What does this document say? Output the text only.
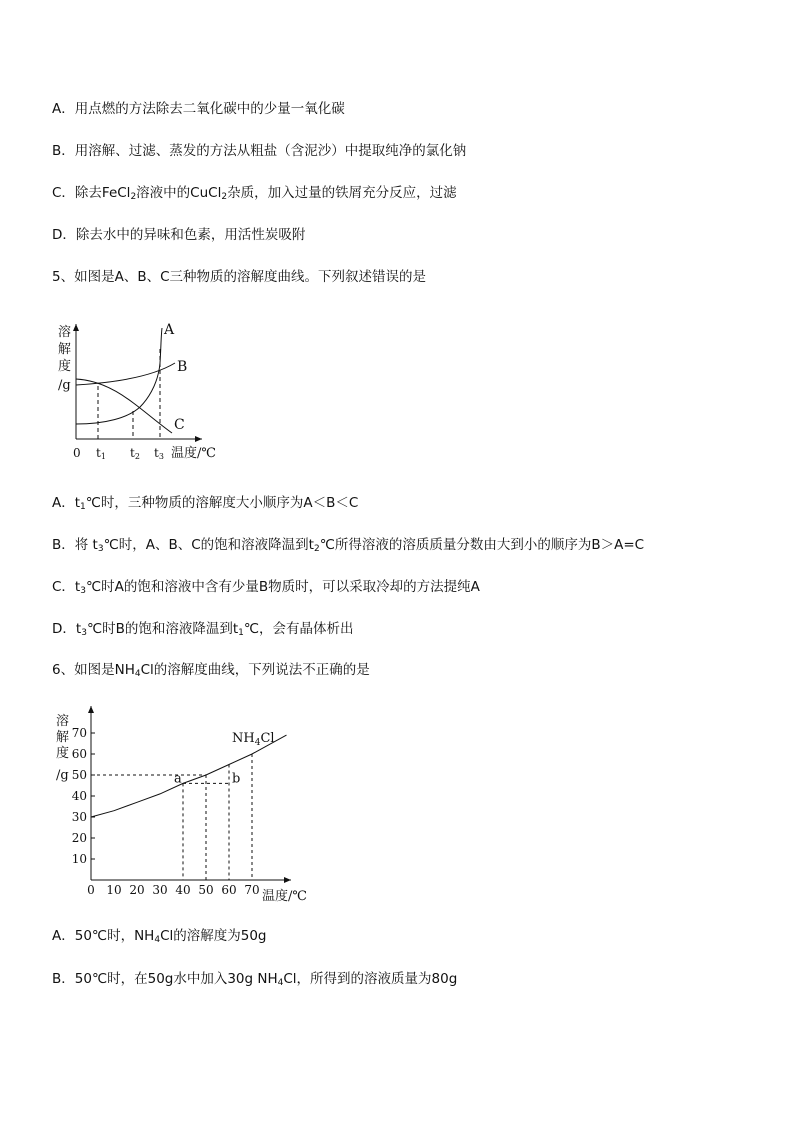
A．用点燃的方法除去二氧化碳中的少量一氧化碳
B．用溶解、过滤、蒸发的方法从粗盐（含泥沙）中提取纯净的氯化钠
C．除去FeCl$_2$溶液中的CuCl$_2$杂质，加入过量的铁屑充分反应，过滤
D．除去水中的异味和色素，用活性炭吸附
5、如图是A、B、C三种物质的溶解度曲线。下列叙述错误的是
溶
解
度
/g
A
B
C
0 t1 t2 t3 温度/℃
A．$t_1℃$时，三种物质的溶解度大小顺序为A＜B＜C
B．将 $t_3℃$时，A、B、C的饱和溶液降温到$t_2℃$所得溶液的溶质质量分数由大到小的顺序为B＞A=C
C．$t_3℃$时A的饱和溶液中含有少量B物质时，可以采取冷却的方法提纯A
D．$t_3℃$时B的饱和溶液降温到$t_1℃$，会有晶体析出
6、如图是$NH_4Cl$的溶解度曲线，下列说法不正确的是
溶
解
度
/g
0 10 20 30 40 50 60 70
10
20
30
40
50
60
70
a	b
$NH_4Cl$
温度/℃
A．50℃时，$NH_4Cl$的溶解度为50g
B．50℃时，在50g水中加入30g $NH_4Cl$，所得到的溶液质量为80g
